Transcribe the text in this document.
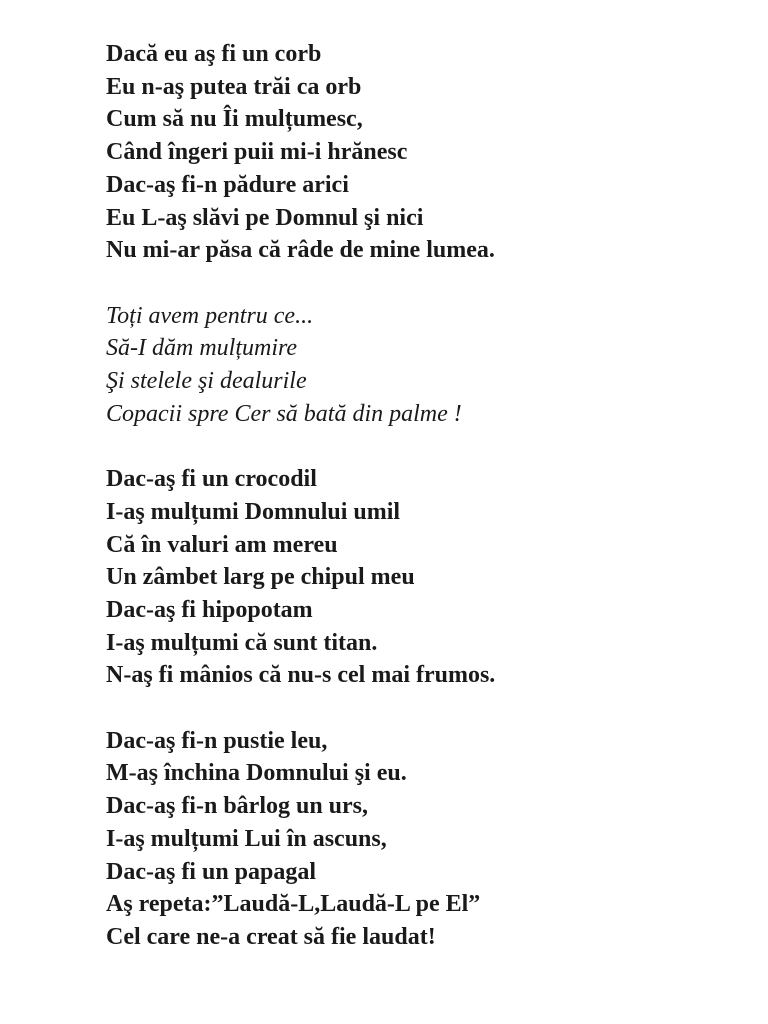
Dacă eu aş fi un corb
Eu n-aş putea trăi ca orb
Cum să nu Îi mulțumesc,
Când îngeri puii mi-i hrănesc
Dac-aş fi-n pădure arici
Eu L-aş slăvi pe Domnul şi nici
Nu mi-ar păsa că râde de mine lumea.
Toți avem pentru ce...
Să-I dăm mulțumire
Şi stelele şi dealurile
Copacii spre Cer să bată din palme !
Dac-aş fi un crocodil
I-aş mulțumi Domnului umil
Că în valuri am mereu
Un zâmbet larg pe chipul meu
Dac-aş fi hipopotam
I-aş mulțumi că sunt titan.
N-aş fi mânios că nu-s cel mai frumos.
Dac-aş fi-n pustie leu,
M-aş închina Domnului şi eu.
Dac-aş fi-n bârlog un urs,
I-aş mulțumi Lui în ascuns,
Dac-aş fi un papagal
Aş repeta:”Laudă-L,Laudă-L pe El”
Cel care ne-a creat să fie laudat!
